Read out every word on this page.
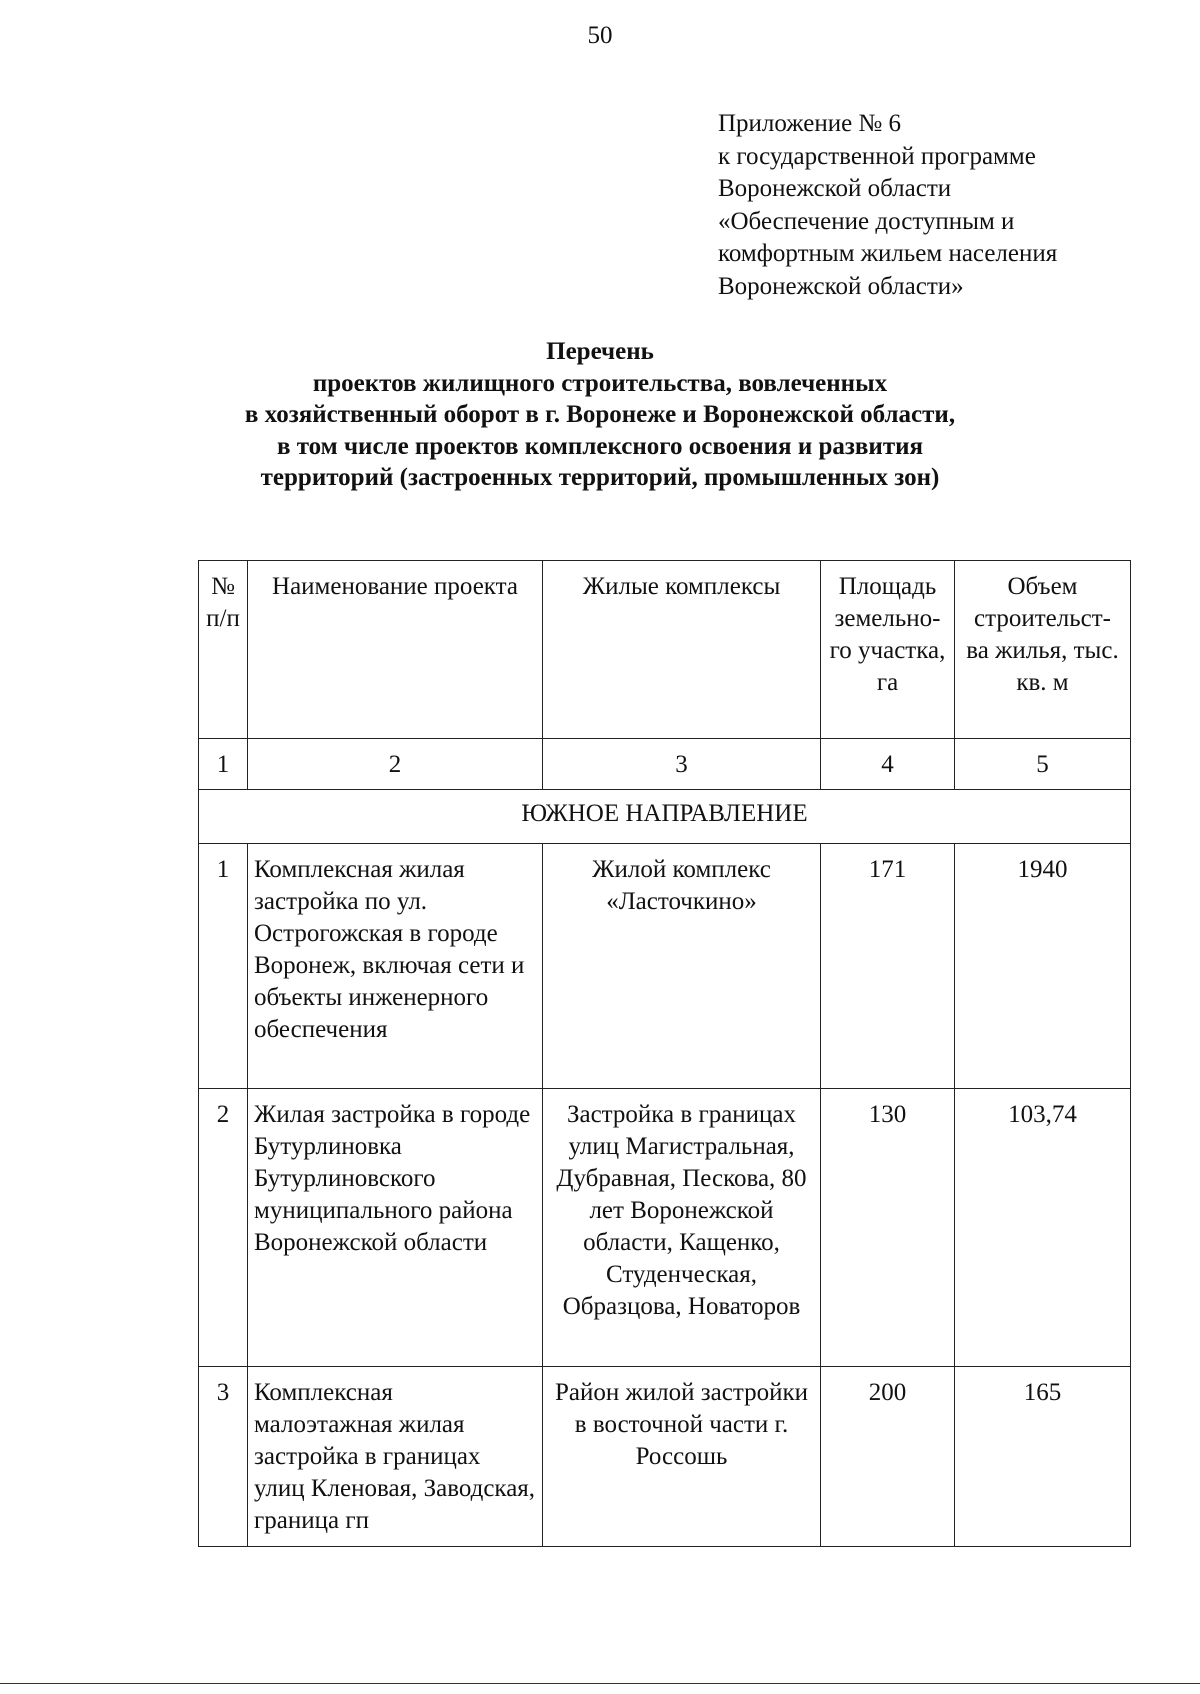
50
Приложение № 6
к государственной программе
Воронежской области
«Обеспечение доступным и
комфортным жильем населения
Воронежской области»
Перечень
проектов жилищного строительства, вовлеченных
в хозяйственный оборот в г. Воронеже и Воронежской области,
в том числе проектов комплексного освоения и развития
территорий (застроенных территорий, промышленных зон)
№ п/п	Наименование проекта	Жилые комплексы	Площадь земельно- го участка, га	Объем строительст- ва жилья, тыс. кв. м
1	2	3	4	5
ЮЖНОЕ НАПРАВЛЕНИЕ				
1	Комплексная жилая застройка по ул. Острогожская в городе Воронеж, включая сети и объекты инженерного обеспечения	Жилой комплекс «Ласточкино»	171	1940
2	Жилая застройка в городе Бутурлиновка Бутурлиновского муниципального района Воронежской области	Застройка в границах улиц Магистральная, Дубравная, Пескова, 80 лет Воронежской области, Кащенко, Студенческая, Образцова, Новаторов	130	103,74
3	Комплексная малоэтажная жилая застройка в границах улиц Кленовая, Заводская, граница гп	Район жилой застройки в восточной части г. Россошь	200	165
